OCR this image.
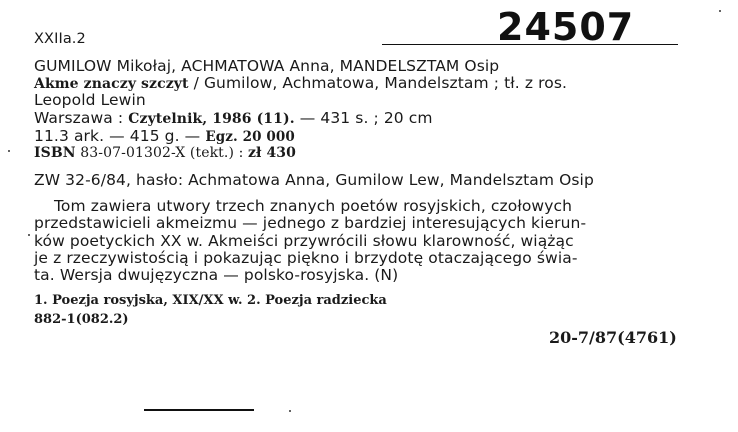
XXIIa.2	24507
GUMILOW Mikołaj, ACHMATOWA Anna, MANDELSZTAM Osip
Akme znaczy szczyt / Gumilow, Achmatowa, Mandelsztam ; tł. z ros.
Leopold Lewin
Warszawa : Czytelnik, 1986 (11). — 431 s. ; 20 cm
11.3 ark. — 415 g. — Egz. 20 000
ISBN 83-07-01302-X (tekt.) : zł 430
ZW 32-6/84, hasło: Achmatowa Anna, Gumilow Lew, Mandelsztam Osip
Tom zawiera utwory trzech znanych poetów rosyjskich, czołowych
przedstawicieli akmeizmu — jednego z bardziej interesujących kierun-
ków poetyckich XX w. Akmeiści przywrócili słowu klarowność, wiążąc
je z rzeczywistością i pokazując piękno i brzydotę otaczającego świa-
ta. Wersja dwujęzyczna — polsko-rosyjska. (N)
1. Poezja rosyjska, XIX/XX w. 2. Poezja radziecka
882-1(082.2)
20-7/87(4761)
